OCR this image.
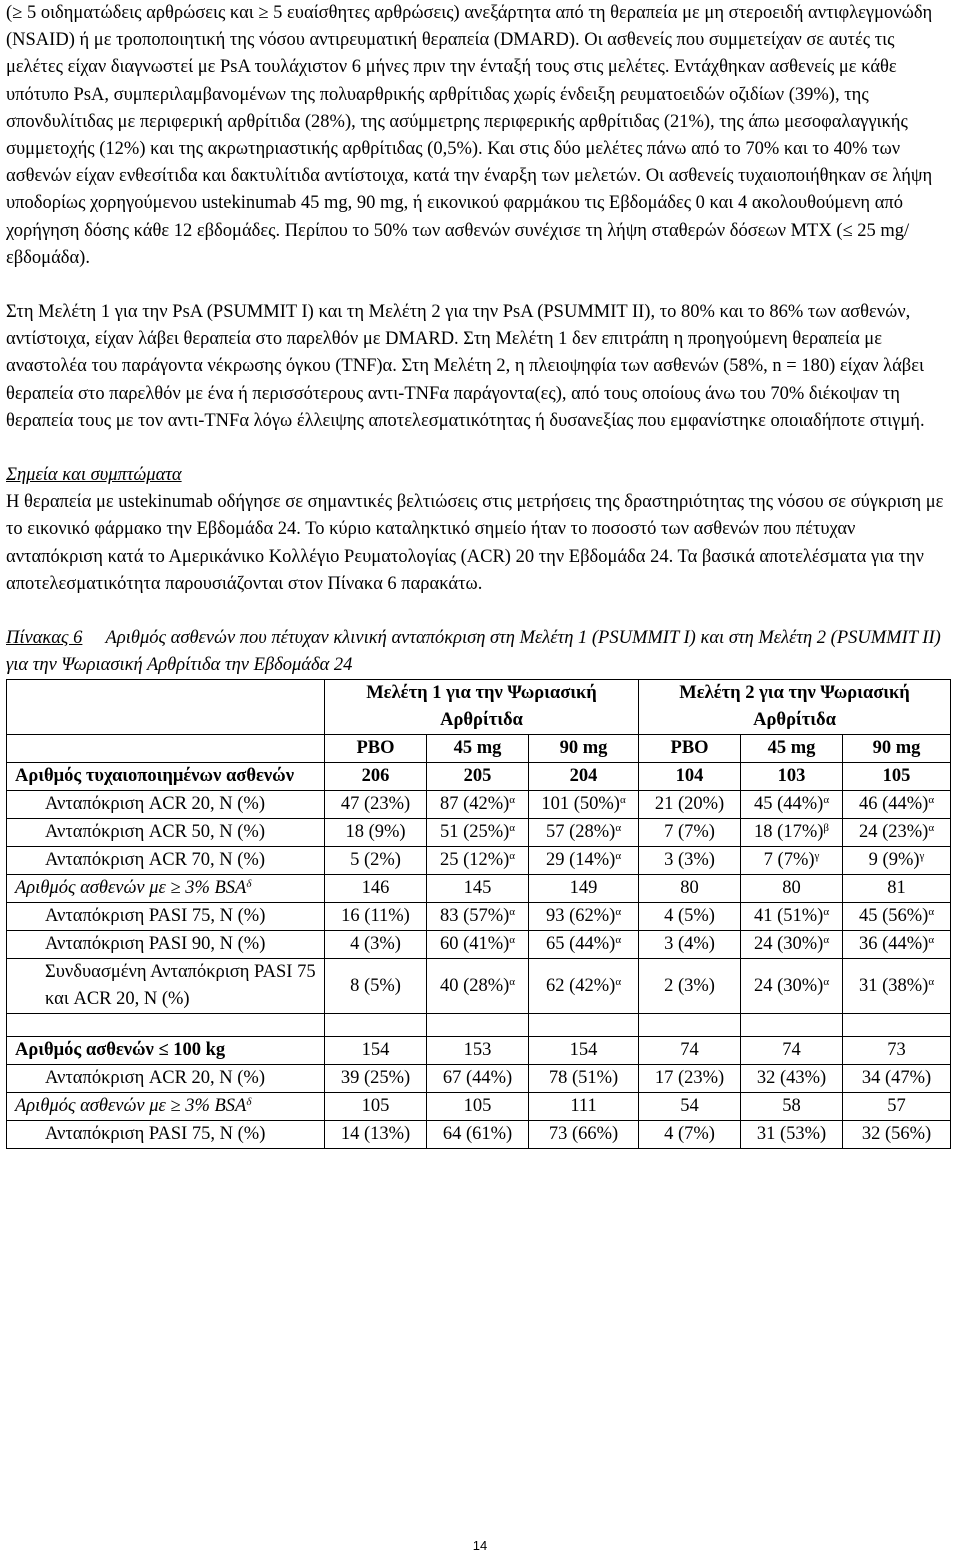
(≥ 5 οιδηματώδεις αρθρώσεις και ≥ 5 ευαίσθητες αρθρώσεις) ανεξάρτητα από τη θεραπεία με μη στεροειδή αντιφλεγμονώδη (NSAID) ή με τροποποιητική της νόσου αντιρευματική θεραπεία (DMARD). Οι ασθενείς που συμμετείχαν σε αυτές τις μελέτες είχαν διαγνωστεί με PsA τουλάχιστον 6 μήνες πριν την ένταξή τους στις μελέτες. Εντάχθηκαν ασθενείς με κάθε υπότυπο PsA, συμπεριλαμβανομένων της πολυαρθρικής αρθρίτιδας χωρίς ένδειξη ρευματοειδών οζιδίων (39%), της σπονδυλίτιδας με περιφερική αρθρίτιδα (28%), της ασύμμετρης περιφερικής αρθρίτιδας (21%), της άπω μεσοφαλαγγικής συμμετοχής (12%) και της ακρωτηριαστικής αρθρίτιδας (0,5%). Και στις δύο μελέτες πάνω από το 70% και το 40% των ασθενών είχαν ενθεσίτιδα και δακτυλίτιδα αντίστοιχα, κατά την έναρξη των μελετών. Οι ασθενείς τυχαιοποιήθηκαν σε λήψη υποδορίως χορηγούμενου ustekinumab 45 mg, 90 mg, ή εικονικού φαρμάκου τις Εβδομάδες 0 και 4 ακολουθούμενη από χορήγηση δόσης κάθε 12 εβδομάδες. Περίπου το 50% των ασθενών συνέχισε τη λήψη σταθερών δόσεων MTX (≤ 25 mg/εβδομάδα).

Στη Μελέτη 1 για την PsA (PSUMMIT I) και τη Μελέτη 2 για την PsA (PSUMMIT II), το 80% και το 86% των ασθενών, αντίστοιχα, είχαν λάβει θεραπεία στο παρελθόν με DMARD. Στη Μελέτη 1 δεν επιτράπη η προηγούμενη θεραπεία με αναστολέα του παράγοντα νέκρωσης όγκου (TNF)α. Στη Μελέτη 2, η πλειοψηφία των ασθενών (58%, n = 180) είχαν λάβει θεραπεία στο παρελθόν με ένα ή περισσότερους αντι-TNFα παράγοντα(ες), από τους οποίους άνω του 70% διέκοψαν τη θεραπεία τους με τον αντι-TNFα λόγω έλλειψης αποτελεσματικότητας ή δυσανεξίας που εμφανίστηκε οποιαδήποτε στιγμή.

Σημεία και συμπτώματα

Η θεραπεία με ustekinumab οδήγησε σε σημαντικές βελτιώσεις στις μετρήσεις της δραστηριότητας της νόσου σε σύγκριση με το εικονικό φάρμακο την Εβδομάδα 24. Το κύριο καταληκτικό σημείο ήταν το ποσοστό των ασθενών που πέτυχαν ανταπόκριση κατά το Αμερικάνικο Κολλέγιο Ρευματολογίας (ACR) 20 την Εβδομάδα 24. Τα βασικά αποτελέσματα για την αποτελεσματικότητα παρουσιάζονται στον Πίνακα 6 παρακάτω.

Πίνακας 6 Αριθμός ασθενών που πέτυχαν κλινική ανταπόκριση στη Μελέτη 1 (PSUMMIT I) και στη Μελέτη 2 (PSUMMIT II) για την Ψωριασική Αρθρίτιδα την Εβδομάδα 24

	Μελέτη 1 για την Ψωριασική Αρθρίτιδα			Μελέτη 2 για την Ψωριασική Αρθρίτιδα		
	PBO	45 mg	90 mg	PBO	45 mg	90 mg
Αριθμός τυχαιοποιημένων ασθενών	206	205	204	104	103	105
Ανταπόκριση ACR 20, N (%)	47 (23%)	87 $(42\%)^\alpha$	101 $(50\%)^\alpha$	21 (20%)	45 $(44\%)^\alpha$	46 $(44\%)^\alpha$
Ανταπόκριση ACR 50, N (%)	18 (9%)	51 $(25\%)^\alpha$	57 $(28\%)^\alpha$	7 (7%)	18 $(17\%)^\beta$	24 $(23\%)^\alpha$
Ανταπόκριση ACR 70, N (%)	5 (2%)	25 $(12\%)^\alpha$	29 $(14\%)^\alpha$	3 (3%)	7 $(7\%)^\gamma$	9 $(9\%)^\gamma$
Αριθμός ασθενών με ≥ 3% $BSA^\delta$	146	145	149	80	80	81
Ανταπόκριση PASI 75, N (%)	16 (11%)	83 $(57\%)^\alpha$	93 $(62\%)^\alpha$	4 (5%)	41 $(51\%)^\alpha$	45 $(56\%)^\alpha$
Ανταπόκριση PASI 90, N (%)	4 (3%)	60 $(41\%)^\alpha$	65 $(44\%)^\alpha$	3 (4%)	24 $(30\%)^\alpha$	36 $(44\%)^\alpha$
Συνδυασμένη Ανταπόκριση PASI 75 και ACR 20, N (%)	8 (5%)	40 $(28\%)^\alpha$	62 $(42\%)^\alpha$	2 (3%)	24 $(30\%)^\alpha$	31 $(38\%)^\alpha$

Αριθμός ασθενών ≤ 100 kg	154	153	154	74	74	73
Ανταπόκριση ACR 20, N (%)	39 (25%)	67 (44%)	78 (51%)	17 (23%)	32 (43%)	34 (47%)
Αριθμός ασθενών με ≥ 3% $BSA^\delta$	105	105	111	54	58	57
Ανταπόκριση PASI 75, N (%)	14 (13%)	64 (61%)	73 (66%)	4 (7%)	31 (53%)	32 (56%)
14
